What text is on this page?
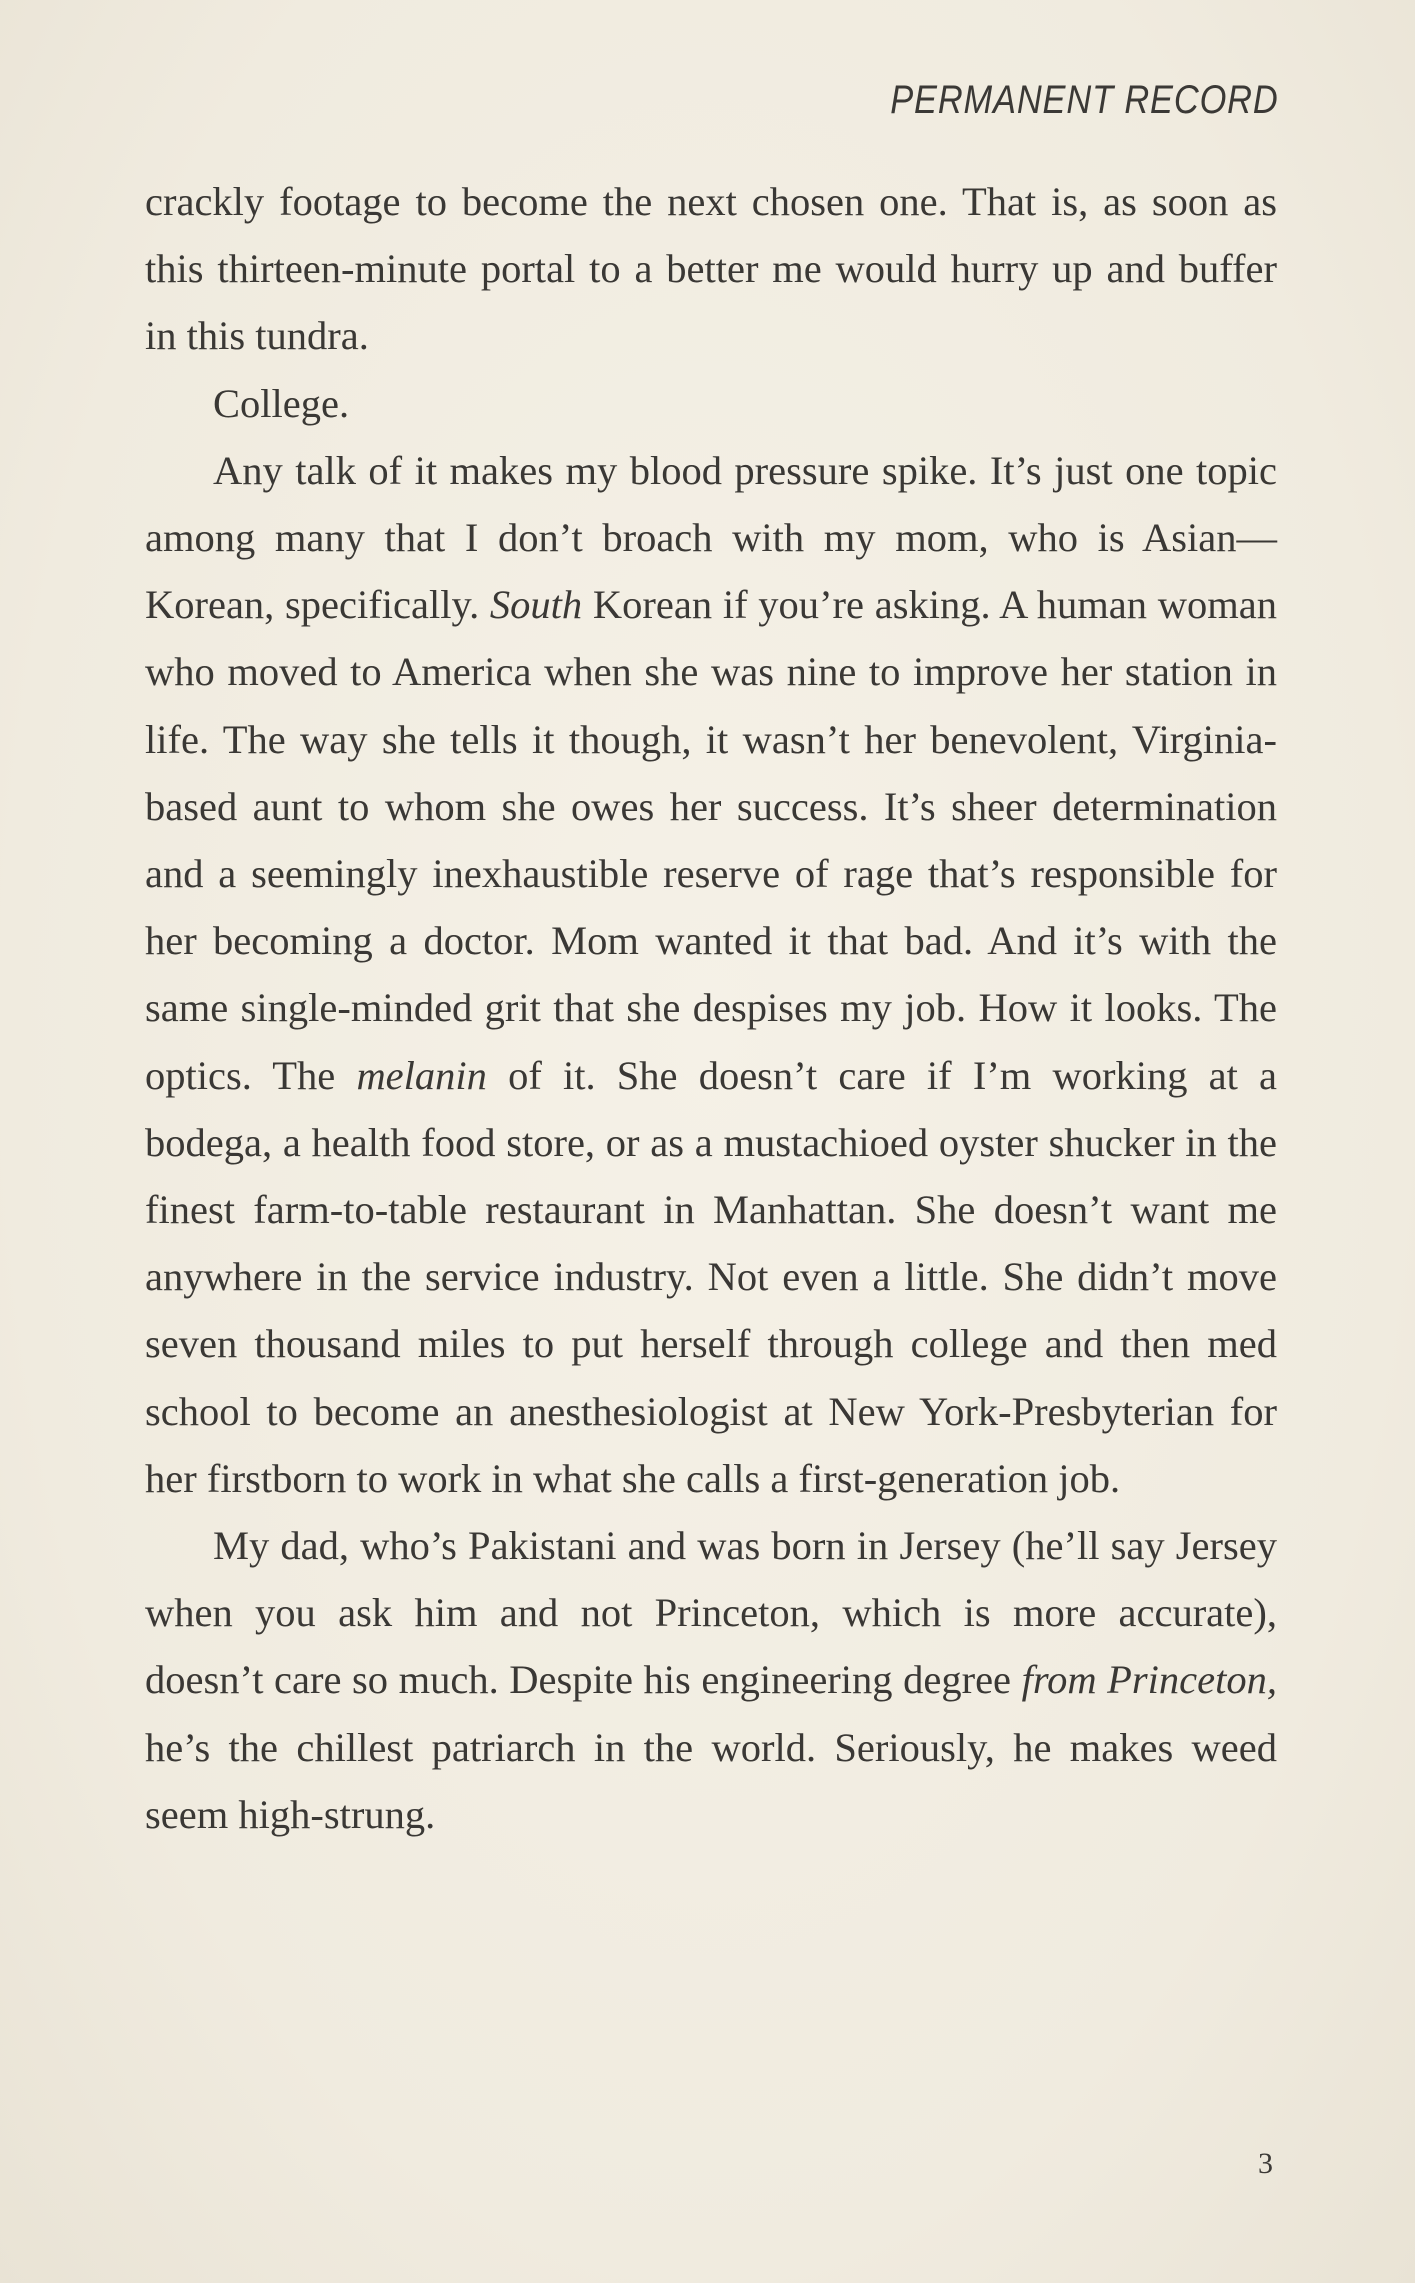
PERMANENT RECORD

crackly footage to become the next chosen one. That is, as soon as this thirteen-minute portal to a better me would hurry up and buffer in this tundra.

College.

Any talk of it makes my blood pressure spike. It’s just one topic among many that I don’t broach with my mom, who is Asian—Korean, specifically. South Korean if you’re asking. A human woman who moved to America when she was nine to improve her station in life. The way she tells it though, it wasn’t her benevolent, Virginia-based aunt to whom she owes her success. It’s sheer determination and a seemingly inexhaustible reserve of rage that’s responsible for her becoming a doctor. Mom wanted it that bad. And it’s with the same single-minded grit that she despises my job. How it looks. The optics. The melanin of it. She doesn’t care if I’m working at a bodega, a health food store, or as a mustachioed oyster shucker in the finest farm-to-table restaurant in Manhattan. She doesn’t want me anywhere in the service industry. Not even a little. She didn’t move seven thousand miles to put herself through college and then med school to become an anesthesiologist at New York-Presbyterian for her firstborn to work in what she calls a first-generation job.

My dad, who’s Pakistani and was born in Jersey (he’ll say Jersey when you ask him and not Princeton, which is more accurate), doesn’t care so much. Despite his engineering degree from Princeton, he’s the chillest patriarch in the world. Seriously, he makes weed seem high-strung.

3
